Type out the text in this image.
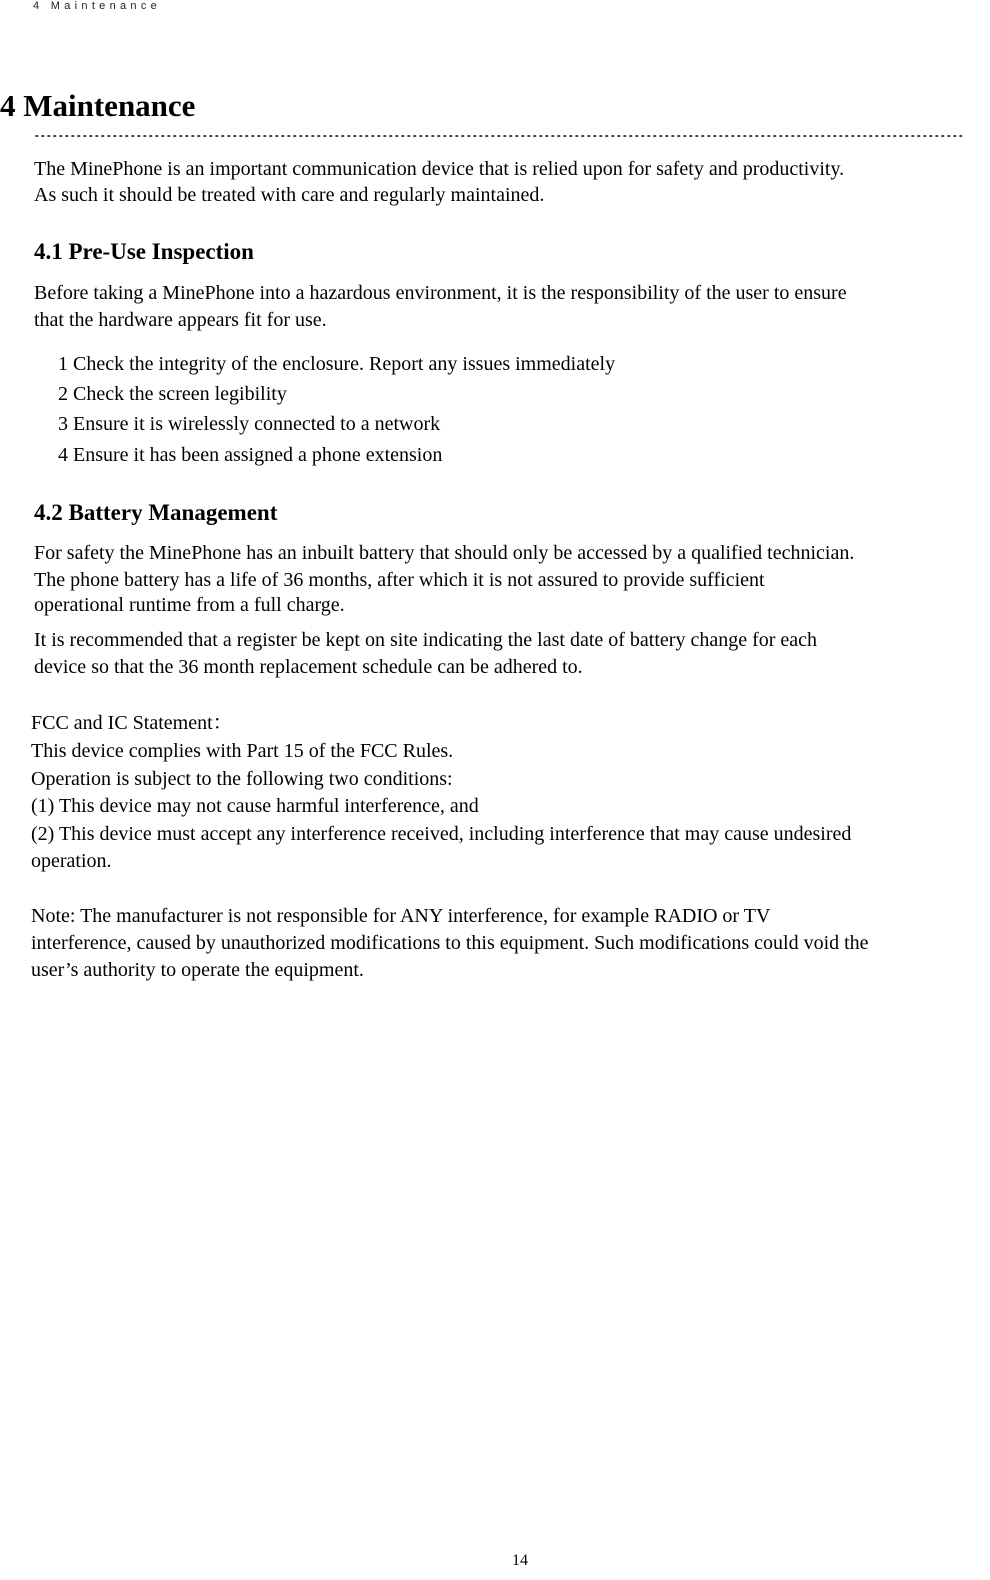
4 Maintenance
4 Maintenance

The MinePhone is an important communication device that is relied upon for safety and productivity.

As such it should be treated with care and regularly maintained.

4.1 Pre-Use Inspection

Before taking a MinePhone into a hazardous environment, it is the responsibility of the user to ensure

that the hardware appears fit for use.

1 Check the integrity of the enclosure. Report any issues immediately

2 Check the screen legibility

3 Ensure it is wirelessly connected to a network

4 Ensure it has been assigned a phone extension

4.2 Battery Management

For safety the MinePhone has an inbuilt battery that should only be accessed by a qualified technician.

The phone battery has a life of 36 months, after which it is not assured to provide sufficient

operational runtime from a full charge.

It is recommended that a register be kept on site indicating the last date of battery change for each

device so that the 36 month replacement schedule can be adhered to.

FCC and IC Statement：

This device complies with Part 15 of the FCC Rules.

Operation is subject to the following two conditions:

(1) This device may not cause harmful interference, and

(2) This device must accept any interference received, including interference that may cause undesired

operation.

Note: The manufacturer is not responsible for ANY interference, for example RADIO or TV

interference, caused by unauthorized modifications to this equipment. Such modifications could void the

user’s authority to operate the equipment.

14
